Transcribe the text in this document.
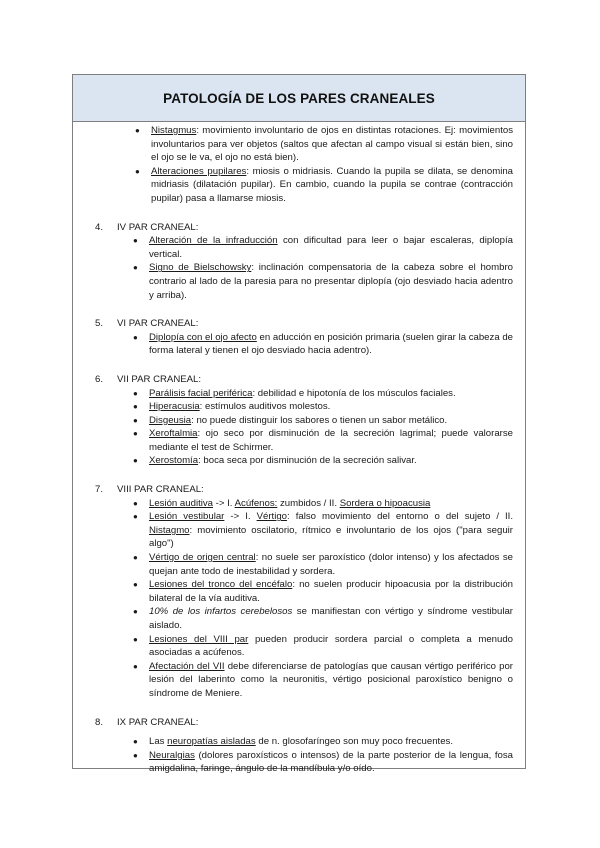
PATOLOGÍA DE LOS PARES CRANEALES
● Nistagmus: movimiento involuntario de ojos en distintas rotaciones. Ej: movimientos involuntarios para ver objetos (saltos que afectan al campo visual si están bien, sino el ojo se le va, el ojo no está bien).
● Alteraciones pupilares: miosis o midriasis. Cuando la pupila se dilata, se denomina midriasis (dilatación pupilar). En cambio, cuando la pupila se contrae (contracción pupilar) pasa a llamarse miosis.
4.	IV PAR CRANEAL:
● Alteración de la infraducción con dificultad para leer o bajar escaleras, diplopía vertical.
● Signo de Bielschowsky: inclinación compensatoria de la cabeza sobre el hombro contrario al lado de la paresia para no presentar diplopía (ojo desviado hacia adentro y arriba).
5.	VI PAR CRANEAL:
● Diplopía con el ojo afecto en aducción en posición primaria (suelen girar la cabeza de forma lateral y tienen el ojo desviado hacia adentro).
6.	VII PAR CRANEAL:
● Parálisis facial periférica: debilidad e hipotonía de los músculos faciales.
● Hiperacusia: estímulos auditivos molestos.
● Disgeusia: no puede distinguir los sabores o tienen un sabor metálico.
● Xeroftalmia: ojo seco por disminución de la secreción lagrimal; puede valorarse mediante el test de Schirmer.
● Xerostomía: boca seca por disminución de la secreción salivar.
7.	VIII PAR CRANEAL:
● Lesión auditiva -> I. Acúfenos: zumbidos / II. Sordera o hipoacusia
● Lesión vestibular -> I. Vértigo: falso movimiento del entorno o del sujeto / II. Nistagmo: movimiento oscilatorio, rítmico e involuntario de los ojos ("para seguir algo")
● Vértigo de origen central: no suele ser paroxístico (dolor intenso) y los afectados se quejan ante todo de inestabilidad y sordera.
● Lesiones del tronco del encéfalo: no suelen producir hipoacusia por la distribución bilateral de la vía auditiva.
● 10% de los infartos cerebelosos se manifiestan con vértigo y síndrome vestibular aislado.
● Lesiones del VIII par pueden producir sordera parcial o completa a menudo asociadas a acúfenos.
● Afectación del VII debe diferenciarse de patologías que causan vértigo periférico por lesión del laberinto como la neuronitis, vértigo posicional paroxístico benigno o síndrome de Meniere.
8.	IX PAR CRANEAL:
● Las neuropatías aisladas de n. glosofaríngeo son muy poco frecuentes.
● Neuralgias (dolores paroxísticos o intensos) de la parte posterior de la lengua, fosa amigdalina, faringe, ángulo de la mandíbula y/o oído.
